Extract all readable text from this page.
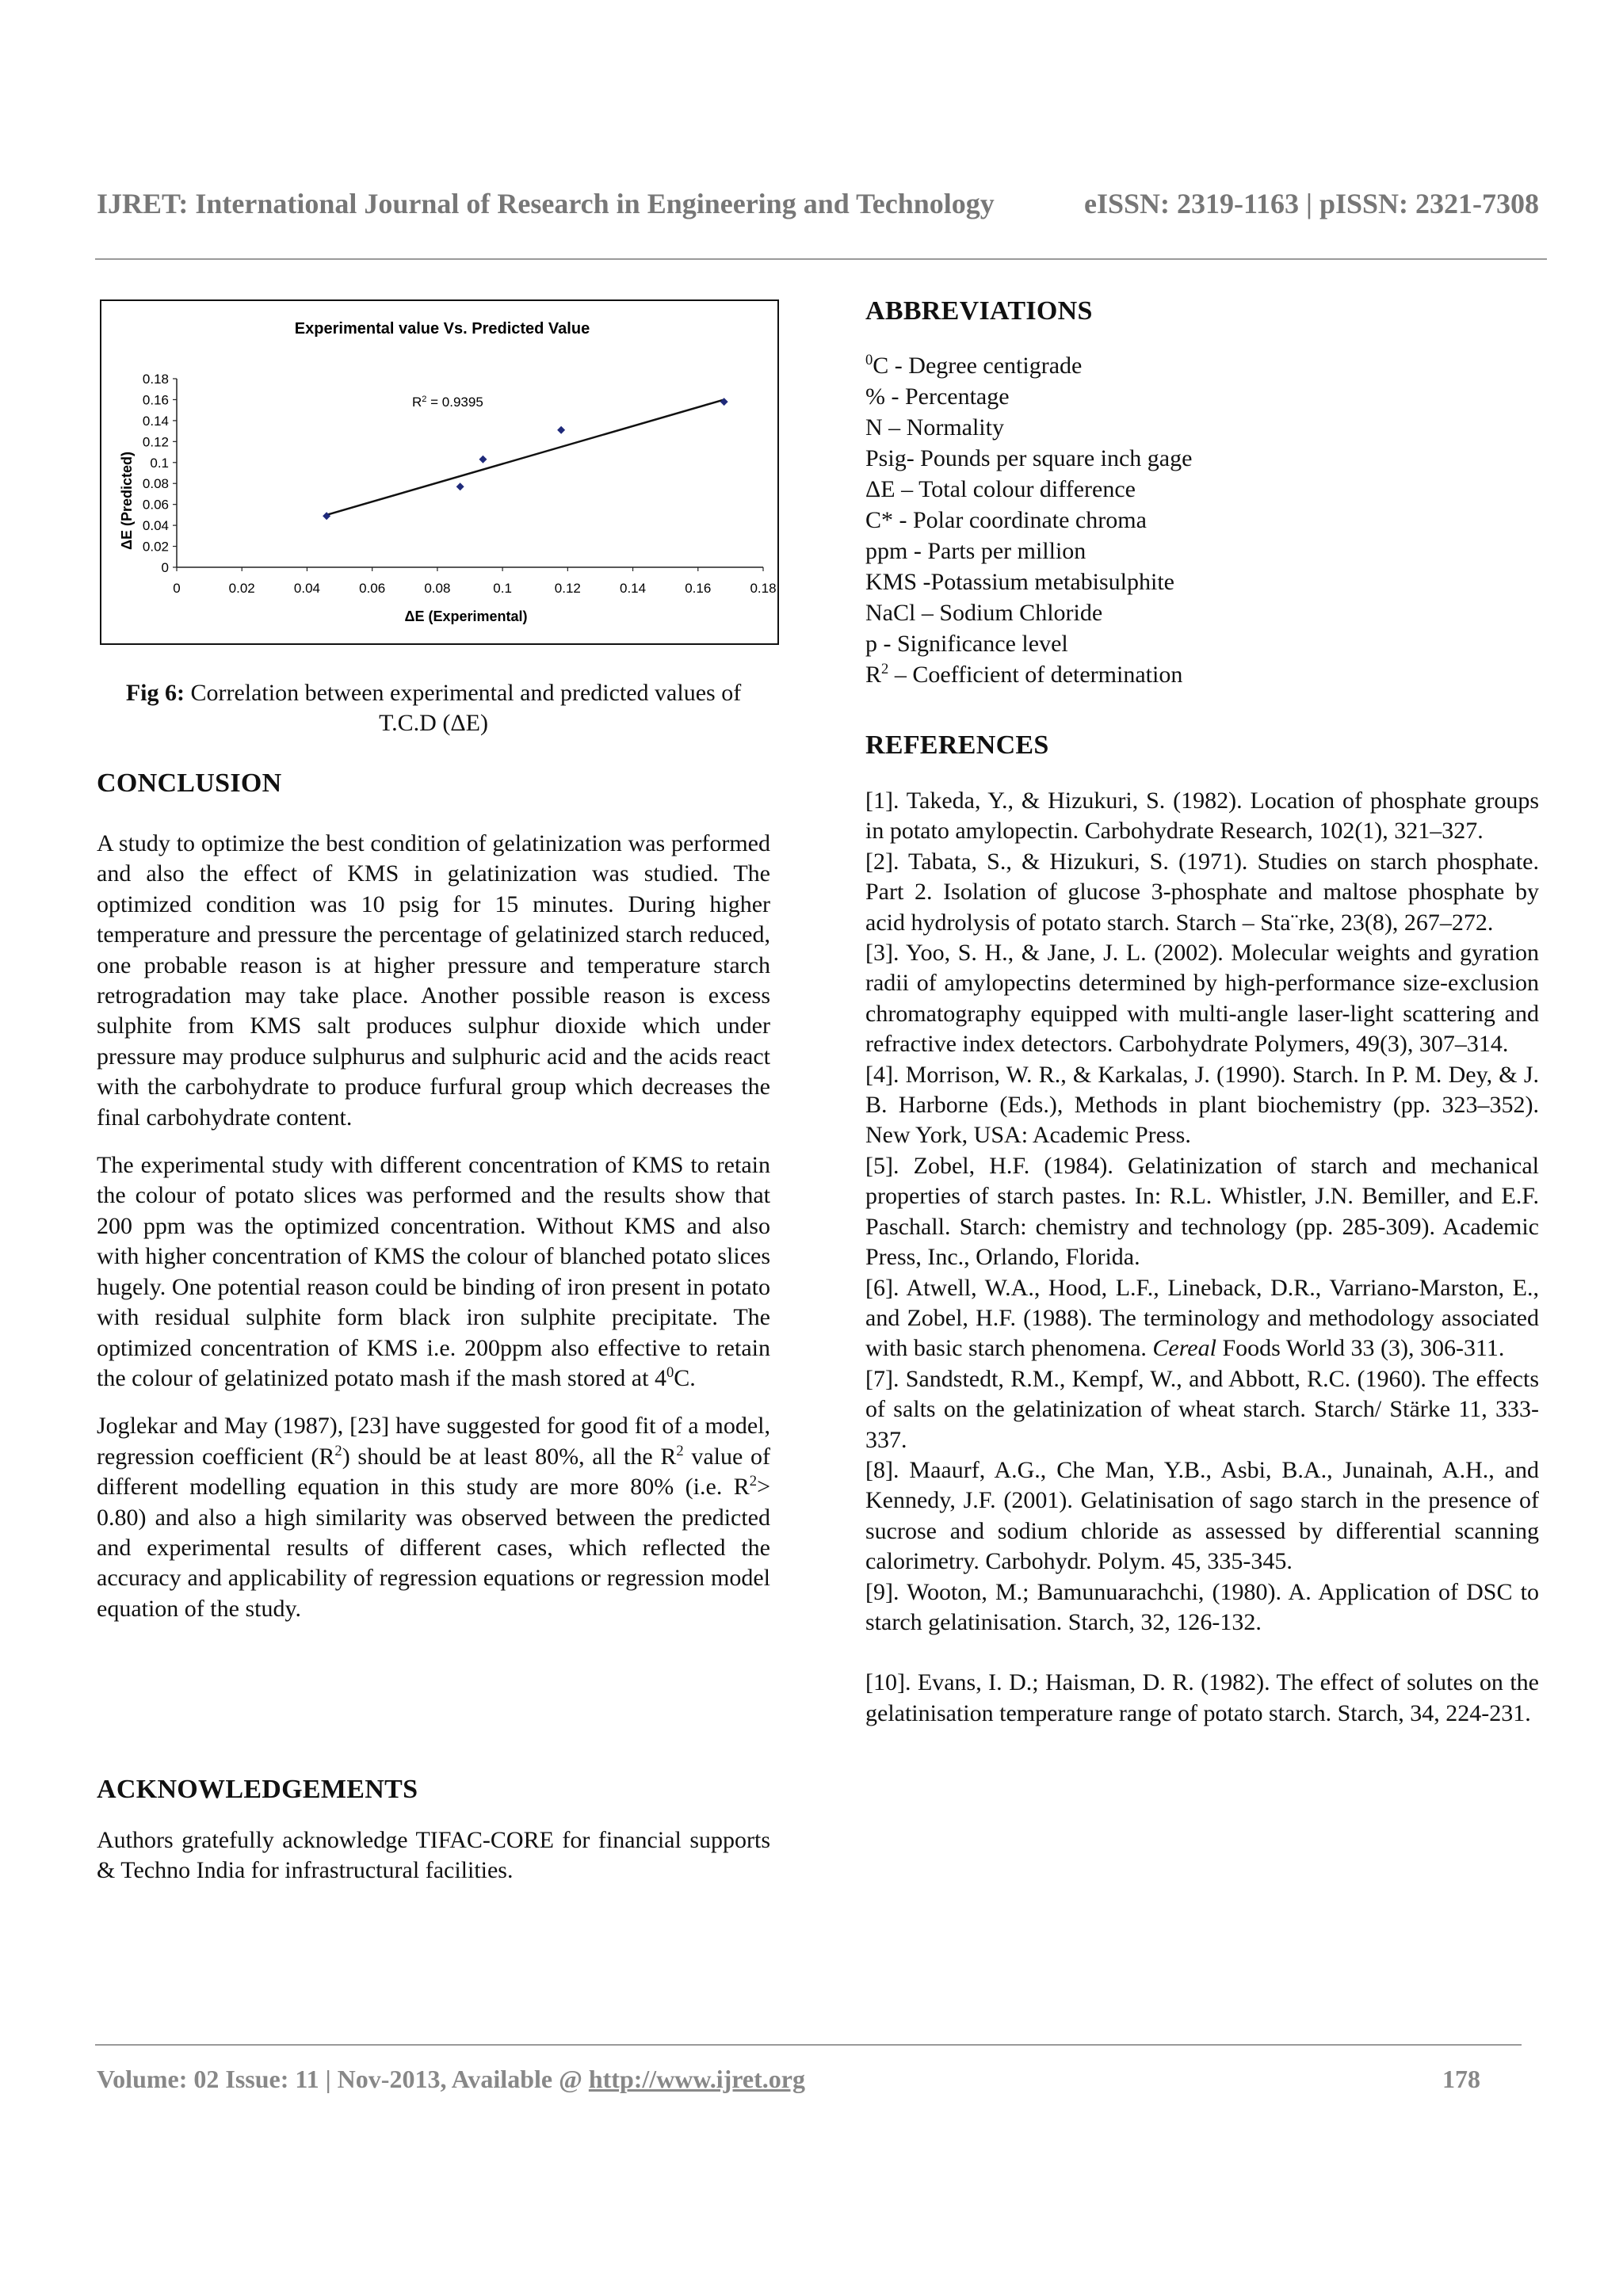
IJRET: International Journal of Research in Engineering and Technology	eISSN: 2319-1163 | pISSN: 2321-7308
Experimental value Vs. Predicted Value
ΔE (Predicted)
ΔE (Experimental)
0
0.02
0.04
0.06
0.08
0.1
0.12
0.14
0.16
0.18
0	0.02	0.04	0.06	0.08	0.1	0.12	0.14	0.16	0.18
$R^2 = 0.9395$
Fig 6: Correlation between experimental and predicted values of T.C.D (ΔE)
CONCLUSION

A study to optimize the best condition of gelatinization was performed and also the effect of KMS in gelatinization was studied. The optimized condition was 10 psig for 15 minutes. During higher temperature and pressure the percentage of gelatinized starch reduced, one probable reason is at higher pressure and temperature starch retrogradation may take place. Another possible reason is excess sulphite from KMS salt produces sulphur dioxide which under pressure may produce sulphurus and sulphuric acid and the acids react with the carbohydrate to produce furfural group which decreases the final carbohydrate content.

The experimental study with different concentration of KMS to retain the colour of potato slices was performed and the results show that 200 ppm was the optimized concentration. Without KMS and also with higher concentration of KMS the colour of blanched potato slices hugely. One potential reason could be binding of iron present in potato with residual sulphite form black iron sulphite precipitate. The optimized concentration of KMS i.e. 200ppm also effective to retain the colour of gelatinized potato mash if the mash stored at $4^0C$.

Joglekar and May (1987), [23] have suggested for good fit of a model, regression coefficient $(R^2)$ should be at least 80%, all the $R^2$ value of different modelling equation in this study are more 80% (i.e. $R^2> 0.80$) and also a high similarity was observed between the predicted and experimental results of different cases, which reflected the accuracy and applicability of regression equations or regression model equation of the study.

ACKNOWLEDGEMENTS

Authors gratefully acknowledge TIFAC-CORE for financial supports & Techno India for infrastructural facilities.

ABBREVIATIONS
$^0$C - Degree centigrade
% - Percentage
N – Normality
Psig- Pounds per square inch gage
ΔE – Total colour difference
C* - Polar coordinate chroma
ppm - Parts per million
KMS -Potassium metabisulphite
NaCl – Sodium Chloride
p - Significance level
$R^2$ – Coefficient of determination
REFERENCES

[1]. Takeda, Y., & Hizukuri, S. (1982). Location of phosphate groups in potato amylopectin. Carbohydrate Research, 102(1), 321–327.

[2]. Tabata, S., & Hizukuri, S. (1971). Studies on starch phosphate. Part 2. Isolation of glucose 3-phosphate and maltose phosphate by acid hydrolysis of potato starch. Starch – Sta¨rke, 23(8), 267–272.

[3]. Yoo, S. H., & Jane, J. L. (2002). Molecular weights and gyration radii of amylopectins determined by high-performance size-exclusion chromatography equipped with multi-angle laser-light scattering and refractive index detectors. Carbohydrate Polymers, 49(3), 307–314.

[4]. Morrison, W. R., & Karkalas, J. (1990). Starch. In P. M. Dey, & J. B. Harborne (Eds.), Methods in plant biochemistry (pp. 323–352). New York, USA: Academic Press.

[5]. Zobel, H.F. (1984). Gelatinization of starch and mechanical properties of starch pastes. In: R.L. Whistler, J.N. Bemiller, and E.F. Paschall. Starch: chemistry and technology (pp. 285-309). Academic Press, Inc., Orlando, Florida.

[6]. Atwell, W.A., Hood, L.F., Lineback, D.R., Varriano-Marston, E., and Zobel, H.F. (1988). The terminology and methodology associated with basic starch phenomena. Cereal Foods World 33 (3), 306-311.

[7]. Sandstedt, R.M., Kempf, W., and Abbott, R.C. (1960). The effects of salts on the gelatinization of wheat starch. Starch/ Stärke 11, 333-337.

[8]. Maaurf, A.G., Che Man, Y.B., Asbi, B.A., Junainah, A.H., and Kennedy, J.F. (2001). Gelatinisation of sago starch in the presence of sucrose and sodium chloride as assessed by differential scanning calorimetry. Carbohydr. Polym. 45, 335-345.

[9]. Wooton, M.; Bamunuarachchi, (1980). A. Application of DSC to starch gelatinisation. Starch, 32, 126-132.

[10]. Evans, I. D.; Haisman, D. R. (1982). The effect of solutes on the gelatinisation temperature range of potato starch. Starch, 34, 224-231.

Volume: 02 Issue: 11 | Nov-2013, Available @ http://www.ijret.org	178
